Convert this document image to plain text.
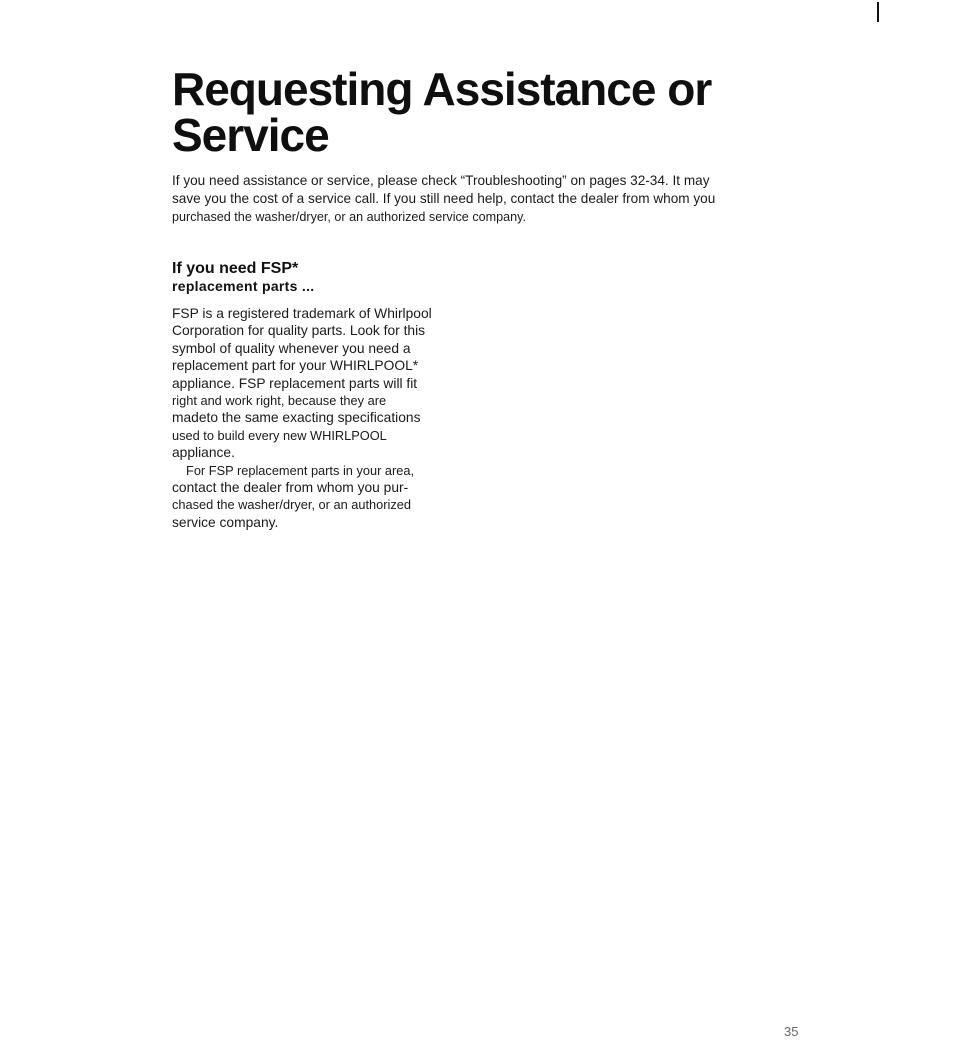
Requesting Assistance or
Service

If you need assistance or service, please check “Troubleshooting” on pages 32-34. It may
save you the cost of a service call. If you still need help, contact the dealer from whom you
purchased the washer/dryer, or an authorized service company.

If you need FSP*
replacement parts ...

FSP is a registered trademark of Whirlpool
Corporation for quality parts. Look for this
symbol of quality whenever you need a
replacement part for your WHIRLPOOL*
appliance. FSP replacement parts will fit
right and work right, because they are
madeto the same exacting specifications
used to build every new WHIRLPOOL
appliance.
For FSP replacement parts in your area,
contact the dealer from whom you pur-
chased the washer/dryer, or an authorized
service company.

35
